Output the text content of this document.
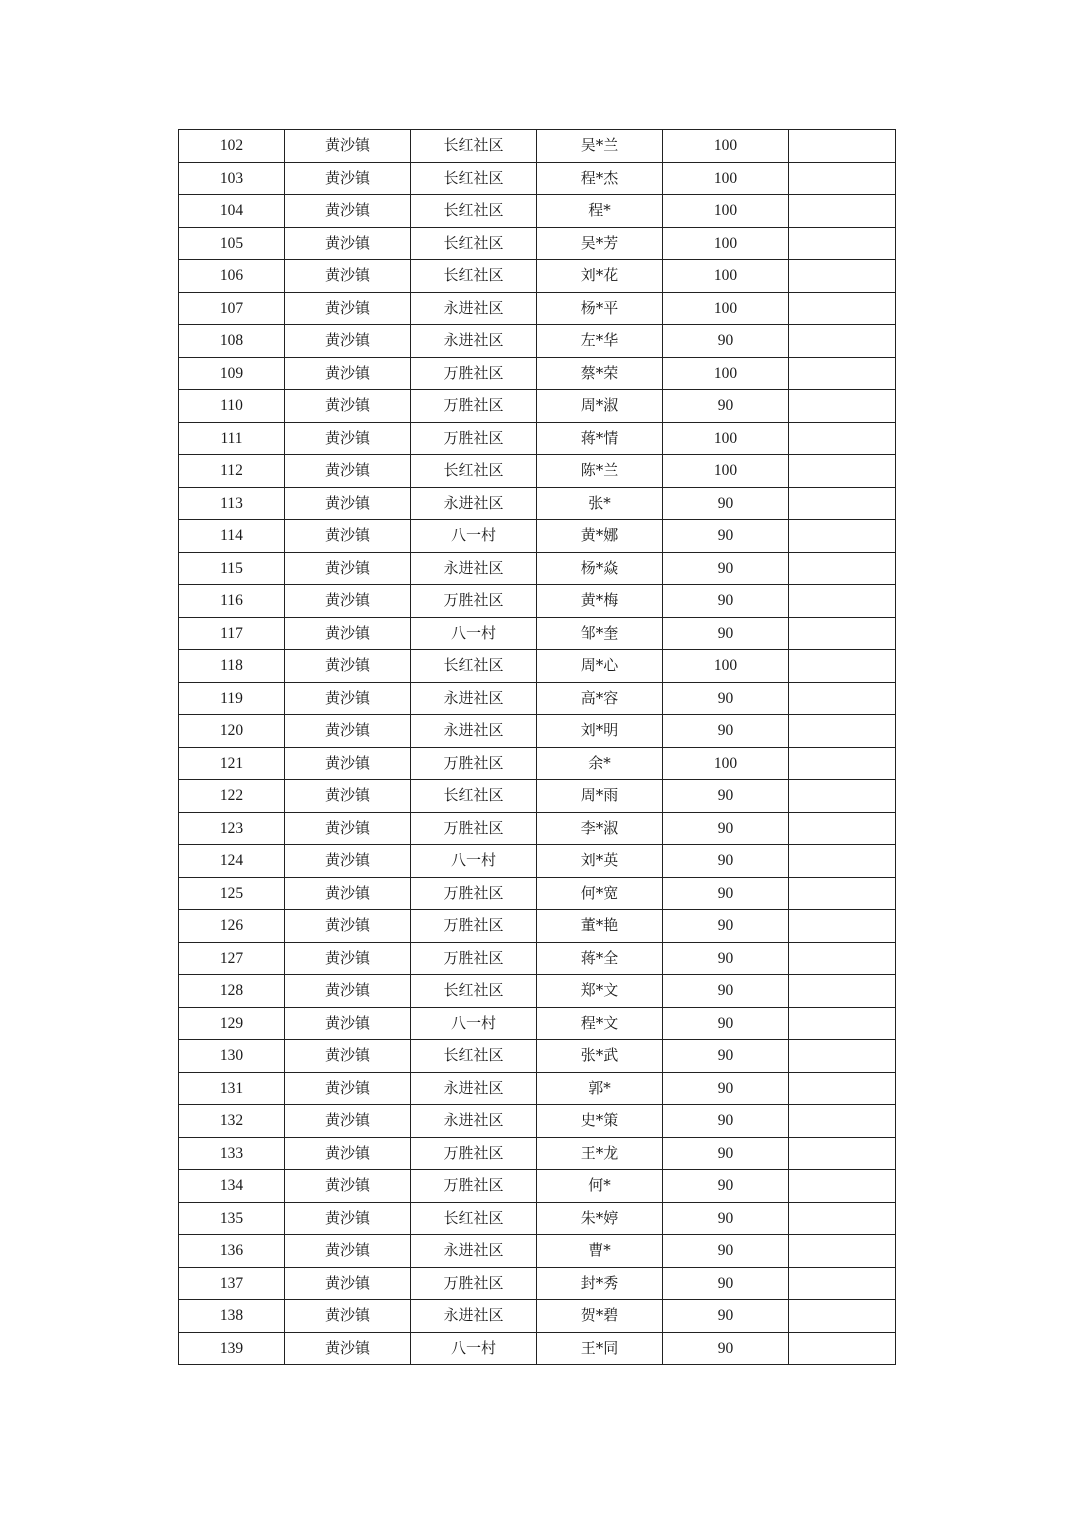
102	黄沙镇	长红社区	吴*兰	100	
103	黄沙镇	长红社区	程*杰	100	
104	黄沙镇	长红社区	程*	100	
105	黄沙镇	长红社区	吴*芳	100	
106	黄沙镇	长红社区	刘*花	100	
107	黄沙镇	永进社区	杨*平	100	
108	黄沙镇	永进社区	左*华	90	
109	黄沙镇	万胜社区	蔡*荣	100	
110	黄沙镇	万胜社区	周*淑	90	
111	黄沙镇	万胜社区	蒋*情	100	
112	黄沙镇	长红社区	陈*兰	100	
113	黄沙镇	永进社区	张*	90	
114	黄沙镇	八一村	黄*娜	90	
115	黄沙镇	永进社区	杨*焱	90	
116	黄沙镇	万胜社区	黄*梅	90	
117	黄沙镇	八一村	邹*奎	90	
118	黄沙镇	长红社区	周*心	100	
119	黄沙镇	永进社区	高*容	90	
120	黄沙镇	永进社区	刘*明	90	
121	黄沙镇	万胜社区	余*	100	
122	黄沙镇	长红社区	周*雨	90	
123	黄沙镇	万胜社区	李*淑	90	
124	黄沙镇	八一村	刘*英	90	
125	黄沙镇	万胜社区	何*宽	90	
126	黄沙镇	万胜社区	董*艳	90	
127	黄沙镇	万胜社区	蒋*全	90	
128	黄沙镇	长红社区	郑*文	90	
129	黄沙镇	八一村	程*文	90	
130	黄沙镇	长红社区	张*武	90	
131	黄沙镇	永进社区	郭*	90	
132	黄沙镇	永进社区	史*策	90	
133	黄沙镇	万胜社区	王*龙	90	
134	黄沙镇	万胜社区	何*	90	
135	黄沙镇	长红社区	朱*婷	90	
136	黄沙镇	永进社区	曹*	90	
137	黄沙镇	万胜社区	封*秀	90	
138	黄沙镇	永进社区	贺*碧	90	
139	黄沙镇	八一村	王*同	90	
